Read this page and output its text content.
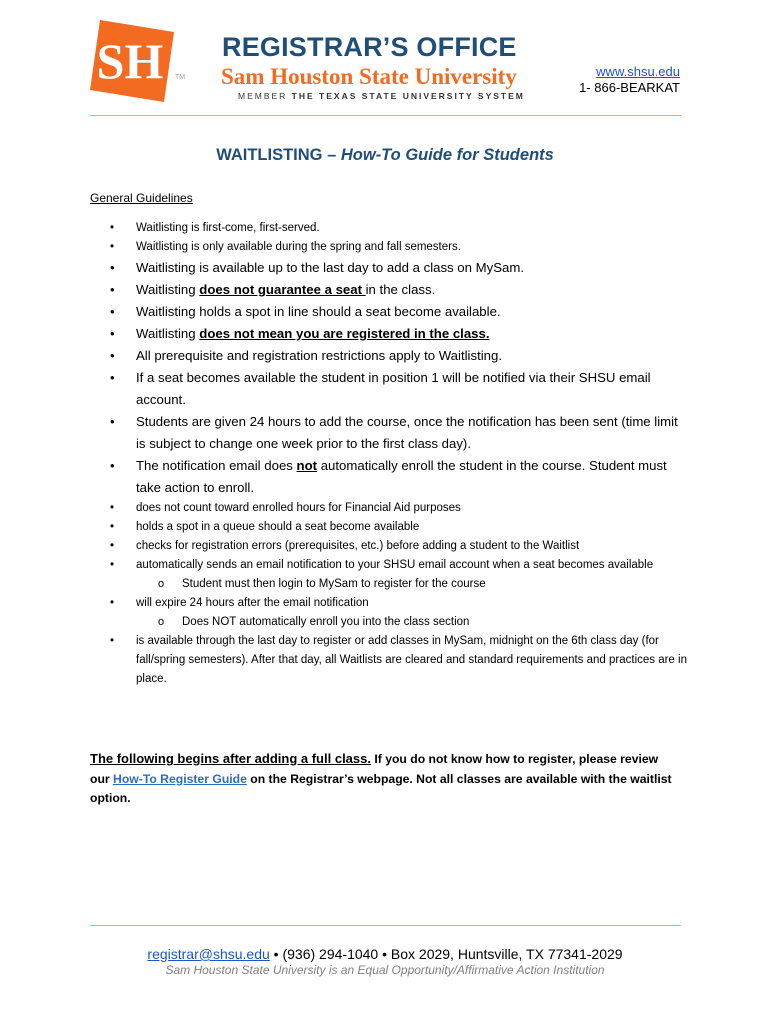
SH TM
REGISTRAR’S OFFICE
Sam Houston State University
MEMBER THE TEXAS STATE UNIVERSITY SYSTEM
www.shsu.edu
1- 866-BEARKAT
WAITLISTING – How-To Guide for Students
General Guidelines
• Waitlisting is first-come, first-served.
• Waitlisting is only available during the spring and fall semesters.
• Waitlisting is available up to the last day to add a class on MySam.
• Waitlisting does not guarantee a seat in the class.
• Waitlisting holds a spot in line should a seat become available.
• Waitlisting does not mean you are registered in the class.
• All prerequisite and registration restrictions apply to Waitlisting.
• If a seat becomes available the student in position 1 will be notified via their SHSU email account.
• Students are given 24 hours to add the course, once the notification has been sent (time limit is subject to change one week prior to the first class day).
• The notification email does not automatically enroll the student in the course. Student must take action to enroll.
• does not count toward enrolled hours for Financial Aid purposes
• holds a spot in a queue should a seat become available
• checks for registration errors (prerequisites, etc.) before adding a student to the Waitlist
• automatically sends an email notification to your SHSU email account when a seat becomes available
o Student must then login to MySam to register for the course
• will expire 24 hours after the email notification
o Does NOT automatically enroll you into the class section
• is available through the last day to register or add classes in MySam, midnight on the 6th class day (for fall/spring semesters). After that day, all Waitlists are cleared and standard requirements and practices are in place.
The following begins after adding a full class. If you do not know how to register, please review our How-To Register Guide on the Registrar’s webpage. Not all classes are available with the waitlist option.
registrar@shsu.edu • (936) 294-1040 • Box 2029, Huntsville, TX 77341-2029
Sam Houston State University is an Equal Opportunity/Affirmative Action Institution
